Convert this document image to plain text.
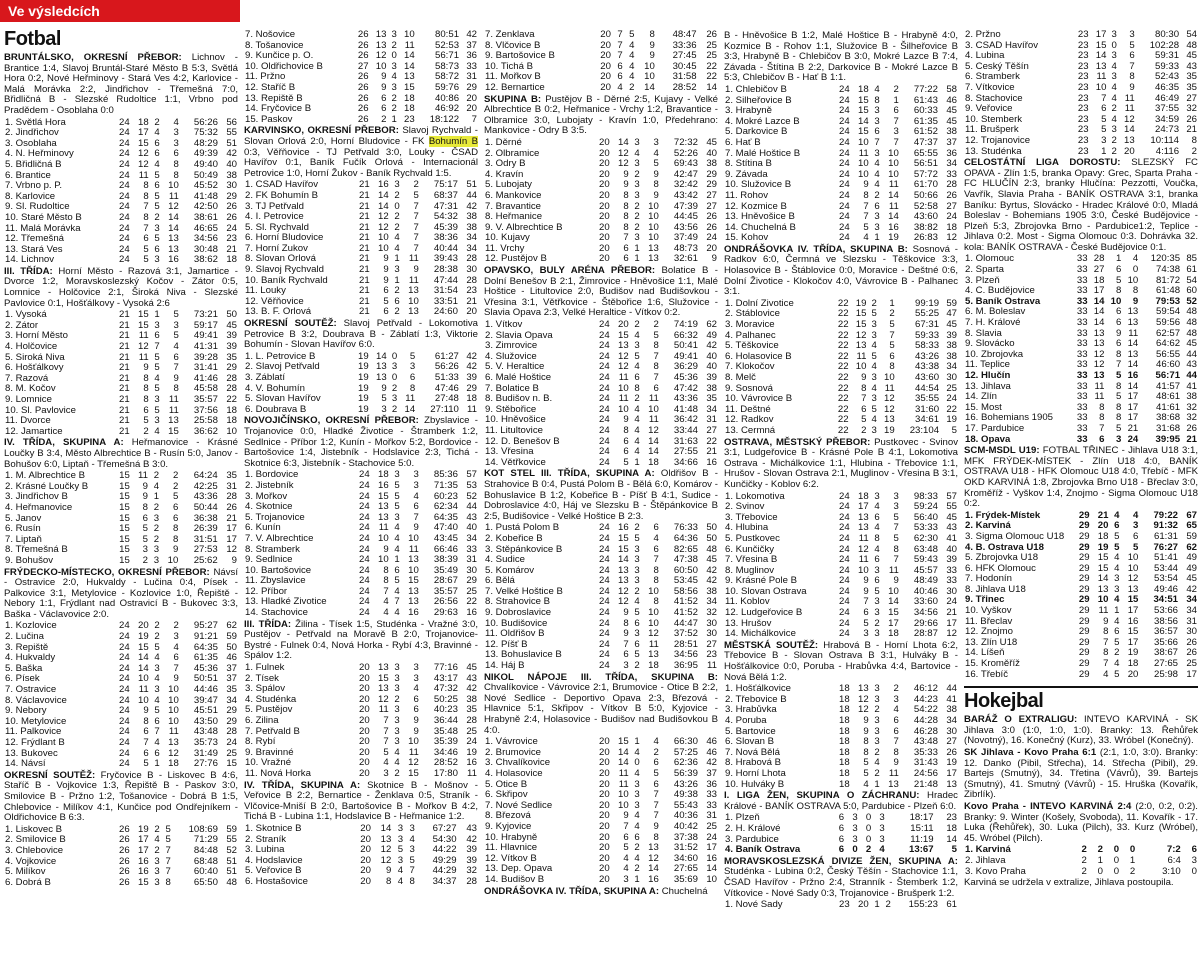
Ve výsledcích
Fotbal
BRUNTÁLSKO, OKRESNÍ PŘEBOR: Lichnov - Brantice 1:4, Slavoj Bruntál-Staré Město B 5:3, Světlá Hora 0:2, Nové Heřminovy - Stará Ves 4:2, Karlovice - Malá Morávka 2:2, Jindřichov - Třemešná 7:0, Břidličná B - Slezské Rudoltice 1:1, Vrbno pod Pradědem - Osoblaha 0:0
1. Světlá Hora	24	18	2	4	56:26	56
2. Jindřichov	24	17	4	3	75:32	55
3. Osoblaha	24	15	6	3	48:29	51
4. N. Heřminovy	24	12	6	6	49:39	42
5. Břidličná B	24	12	4	8	49:40	40
6. Brantice	24	11	5	8	50:49	38
7. Vrbno p. P.	24	8	6	10	45:52	30
8. Karlovice	24	8	5	11	41:48	29
9. Sl. Rudoltice	24	7	5	12	42:50	26
10. Staré Město B	24	8	2	14	38:61	26
11. Malá Morávka	24	7	3	14	46:65	24
12. Třemešná	24	6	5	13	34:56	23
13. Stará Ves	24	5	6	13	30:48	21
14. Lichnov	24	5	3	16	38:62	18
III. TŘÍDA: Horní Město - Razová 3:1, Jamartice - Dvorce 1:2, Moravskoslezský Kočov - Zátor 0:5, Lomnice - Holčovice 2:1, Široká Niva - Slezské Pavlovice 0:1, Hošťálkovy - Vysoká 2:6
1. Vysoká	21	15	1	5	73:21	50
2. Zátor	21	15	3	3	59:17	45
3. Horní Město	21	11	6	5	49:41	39
4. Holčovice	21	12	7	4	41:31	39
5. Široká Niva	21	11	5	6	39:28	35
6. Hošťálkovy	21	9	5	7	31:41	29
7. Razová	21	8	4	9	41:46	28
8. M. Kočov	21	8	5	8	45:58	28
9. Lomnice	21	8	3	11	35:57	22
10. Sl. Pavlovice	21	6	5	11	37:56	18
11. Dvorce	21	5	3	13	25:58	18
12. Jamartice	21	2	4	15	36:62	10
IV. TŘÍDA, SKUPINA A: Heřmanovice - Krásné Loučky B 3:4, Město Albrechtice B - Rusín 5:0, Janov - Bohušov 6:0, Liptaň - Třemešná B 3:0.
1. M. Albrechtice B	15	11	2	2	64:24	35
2. Krásné Loučky B	15	9	4	2	42:25	31
3. Jindřichov B	15	9	1	5	43:36	28
4. Heřmanovice	15	8	2	6	50:44	26
5. Janov	15	6	3	6	36:38	21
6. Rusín	15	5	2	8	26:39	17
7. Liptaň	15	5	2	8	31:51	17
8. Třemešná B	15	3	3	9	27:53	12
9. Bohušov	15	2	3	10	25:62	9
FRÝDECKO-MÍSTECKO, OKRESNÍ PŘEBOR: Návsí - Ostravice 2:0, Hukvaldy - Lučina 0:4, Písek - Palkovice 3:1, Metylovice - Kozlovice 1:0, Řepiště - Nebory 1:1, Frýdlant nad Ostravicí B - Bukovec 3:3, Baška - Václavovice 2:0.
1. Kozlovice	24	20	2	2	95:27	62
2. Lučina	24	19	2	3	91:21	59
3. Řepiště	24	15	5	4	64:35	50
4. Hukvaldy	24	14	4	6	61:35	46
5. Baška	24	14	3	7	45:36	37
6. Písek	24	10	4	9	50:51	37
7. Ostravice	24	11	3	10	44:46	35
8. Václavovice	24	10	4	10	39:47	34
9. Nebory	24	9	5	10	45:51	29
10. Metylovice	24	8	6	10	43:50	29
11. Palkovice	24	6	7	11	43:48	28
12. Frýdlant B	24	7	4	13	35:73	24
13. Bukovec	24	6	6	12	31:49	25
14. Návsí	24	5	1	18	27:76	15
OKRESNÍ SOUTĚŽ: Fryčovice B - Liskovec B 4:6, Staříč B - Vojkovice 1:3, Řepiště B - Paskov 3:0, Smilovice B - Pržno 1:2, Tošanovice - Dobrá B 1:5, Chlebovice - Milíkov 4:1, Kunčice pod Ondřejníkem - Oldřichovice B 6:3.
1. Liskovec B	26	19	2	5	108:69	59
2. Smilovice B	26	17	4	5	71:29	55
3. Chlebovice	26	17	2	7	84:48	52
4. Vojkovice	26	16	3	7	68:48	51
5. Milíkov	26	16	3	7	60:40	51
6. Dobrá B	26	15	3	8	65:50	48
7. Nošovice	26	13	3	10	80:51	42
8. Tošanovice	26	13	2	11	52:53	37
9. Kunčice p. O.	26	12	0	14	56:71	36
10. Oldřichovice B	27	10	3	14	58:73	33
11. Pržno	26	9	4	13	58:72	31
12. Staříč B	26	9	3	15	59:76	29
13. Řepiště B	26	6	2	18	40:86	20
14. Fryčovice B	26	6	2	18	46:92	20
15. Paskov	26	2	1	23	18:122	7
KARVINSKO, OKRESNÍ PŘEBOR: Slavoj Rychvald - Slovan Orlová 2:0, Horní Bludovice - FK Bohumín B 0:3, Věřňovice - TJ Petřvald 3:0, Louky - ČSAD Havířov 0:1, Baník Fučík Orlová - Internacionál Petrovice 1:0, Horní Žukov - Baník Rychvald 1:5.
1. ČSAD Havířov	21	16	3	2	75:17	51
2. FK Bohumín B	21	14	2	5	68:37	44
3. TJ Petřvald	21	14	0	7	47:31	42
4. I. Petrovice	21	12	2	7	54:32	38
5. Sl. Rychvald	21	12	2	7	45:39	38
6. Horní Bludovice	21	10	4	7	38:36	34
7. Horní Žukov	21	10	4	7	40:44	34
8. Slovan Orlová	21	9	1	11	39:43	28
9. Slavoj Rychvald	21	9	3	9	28:38	30
10. Baník Rychvald	21	9	1	11	47:44	28
11. Louky	21	6	2	13	31:54	23
12. Věřňovice	21	5	6	10	33:51	21
13. B. F. Orlová	21	6	2	13	24:60	20
OKRESNÍ SOUTĚŽ: Slavoj Petřvald - Lokomotiva Petrovice B 3:2, Doubrava B - Záblatí 1:3, Viktorie Bohumín - Slovan Havířov 6:0.
1. L. Petrovice B	19	14	0	5	61:27	42
2. Slavoj Petřvald	19	13	3	3	56:26	42
3. Záblatí	19	13	0	6	51:33	39
4. V. Bohumín	19	9	2	8	47:46	29
5. Slovan Havířov	19	5	3	11	27:48	18
6. Doubrava B	19	3	2	14	27:110	11
NOVOJIČÍNSKO, OKRESNÍ PŘEBOR: Zbyslavice - Trojanovice 0:0, Hladké Životice - Štramberk 1:2, Sedlnice - Příbor 1:2, Kunín - Mořkov 5:2, Bordovice - Bartošovice 1:4, Jistebník - Hodslavice 2:3, Tichá - Skotnice 6:3, Jistebník - Stachovice 5:0.
1. Bordovice	24	18	3	3	85:36	57
2. Jistebník	24	16	5	3	71:35	53
3. Mořkov	24	15	5	4	60:23	52
4. Skotnice	24	13	5	6	62:34	44
5. Trojanovice	24	13	3	7	64:35	43
6. Kunín	24	11	4	9	47:40	40
7. V. Albrechtice	24	10	4	10	43:45	34
8. Štramberk	24	9	4	11	66:46	33
9. Sedlnice	24	10	1	13	38:39	31
10. Bartošovice	24	8	6	10	35:49	30
11. Zbyslavice	24	8	5	15	28:67	29
12. Příbor	24	7	4	13	35:57	25
13. Hladké Životice	24	4	7	13	26:56	22
14. Stachovice	24	4	4	16	29:63	16
III. TŘÍDA: Žilina - Tísek 1:5, Studénka - Vražné 3:0, Pustějov - Petřvald na Moravě B 2:0, Trojanovice-Bystré - Fulnek 0:4, Nová Horka - Rybí 4:3, Bravinné - Spálov 1:2.
1. Fulnek	20	13	3	3	77:16	45
2. Tísek	20	15	3	3	43:17	43
3. Spálov	20	13	3	4	47:32	42
4. Studénka	20	12	2	6	50:25	38
5. Pustějov	20	11	3	6	40:23	35
6. Žilina	20	7	3	9	36:44	28
7. Petřvald B	20	7	3	9	35:48	25
8. Rybí	20	7	3	10	35:39	24
9. Bravinné	20	5	4	11	34:46	19
10. Vražné	20	4	4	12	28:52	16
11. Nová Horka	20	3	2	15	17:80	11
IV. TŘÍDA, SKUPINA A: Skotnice B - Mošnov - Veřovice B 2:2, Bernartice - Ženklava 0:5, Straník - Vlčovice-Mniší B 2:0, Bartošovice B - Mořkov B 4:2, Tichá B - Lubina 1:1, Hodslavice B - Heřmanice 1:2.
1. Skotnice B	20	14	3	3	67:27	43
2. Straník	20	13	3	4	54:30	42
3. Lubina	20	12	5	3	44:22	39
4. Hodslavice	20	12	3	5	49:29	39
5. Veřovice B	20	9	4	7	44:29	32
6. Hostašovice	20	8	4	8	34:37	28
7. Ženklava	20	7	5	8	48:47	26
8. Vlčovice B	20	7	4	9	33:36	25
9. Bartošovice B	20	7	4	9	27:45	25
10. Tichá B	20	6	4	10	30:45	22
11. Mořkov B	20	6	4	10	31:58	22
12. Bernartice	20	4	2	14	28:52	14
SKUPINA B: Pustějov B - Děrné 2:5, Kujavy - Velké Albrechtice B 0:2, Heřmanice - Vrchy 1:2, Bravantice - Olbramice 3:0, Lubojaty - Kravín 1:0, Předehrano: Mankovice - Odry B 3:5.
1. Děrné	20	14	3	3	72:32	45
2. Olbramice	20	12	4	4	52:26	40
3. Odry B	20	12	3	5	69:43	38
4. Kravín	20	9	2	9	42:47	29
5. Lubojaty	20	9	3	8	32:42	29
6. Mankovice	20	8	3	9	43:42	27
7. Bravantice	20	8	2	10	47:39	27
8. Heřmanice	20	8	2	10	44:45	26
9. V. Albrechtice B	20	8	2	10	43:56	26
10. Kujavy	20	7	3	10	37:49	24
11. Vrchy	20	6	1	13	48:73	20
12. Pustějov B	20	6	1	13	32:61	9
OPAVSKO, BULY ARÉNA PŘEBOR: Bolatice B - Dolní Benešov B 2:1, Žimrovice - Hněvošice 1:1, Malé Hoštice - Litultovice 2:0, Budišov nad Budišovkou - Vřesina 3:1, Větřkovice - Štěbořice 1:6, Služovice - Slavia Opava 2:3, Velké Heraltice - Vítkov 0:2.
1. Vítkov	24	20	2	2	74:19	62
2. Slavia Opava	24	15	4	5	66:32	49
3. Žimrovice	24	13	3	8	50:41	42
4. Služovice	24	12	5	7	49:41	40
5. V. Heraltice	24	12	4	8	36:29	40
6. Malé Hoštice	24	11	6	7	45:36	39
7. Bolatice B	24	10	8	6	47:42	38
8. Budišov n. B.	24	11	2	11	43:36	35
9. Štěbořice	24	10	4	10	41:48	34
10. Hněvošice	24	9	4	11	36:42	31
11. Litultovice	24	8	4	12	33:44	27
12. D. Benešov B	24	6	4	14	31:63	22
13. Vřesina	24	6	4	14	27:55	21
14. Větřkovice	24	5	1	18	34:66	16
KOT STEL III. TŘÍDA, SKUPINA A: Oldřišov B - Strahovice B 0:4, Pustá Polom B - Bělá 6:0, Komárov - Bohuslavice B 1:2, Kobeřice B - Píšť B 4:1, Sudice - Dobroslavice 4:0, Háj ve Slezsku B - Štěpánkovice B 2:5, Budišovice - Velké Hoštice B 2:3.
1. Pustá Polom B	24	16	2	6	76:33	50
2. Kobeřice B	24	15	5	4	64:36	50
3. Štěpánkovice B	24	15	3	6	82:65	48
4. Sudice	24	14	3	7	47:38	45
5. Komárov	24	13	3	8	60:50	42
6. Bělá	24	13	3	8	53:45	42
7. Velké Hoštice B	24	12	2	10	58:56	38
8. Strahovice B	24	12	4	8	41:52	34
9. Dobroslavice	24	9	5	10	41:52	32
10. Budišovice	24	8	6	10	44:47	30
11. Oldřišov B	24	9	3	12	37:52	30
12. Píšť B	24	7	6	11	28:51	27
13. Bohuslavice B	24	6	5	13	34:56	23
14. Háj B	24	3	2	18	36:95	11
NIKOL NÁPOJE III. TŘÍDA, SKUPINA B: Chvalíkovice - Vávrovice 2:1, Brumovice - Otice B 2:2, Nové Sedlice - Deportivo Opava 2:3, Březová - Hlavnice 5:1, Skřipov - Vítkov B 5:0, Kyjovice - Hrabyně 2:4, Holasovice - Budišov nad Budišovkou B 4:0.
1. Vávrovice	20	15	1	4	66:30	46
2. Brumovice	20	14	4	2	57:25	46
3. Chvalíkovice	20	14	0	6	62:36	42
4. Holasovice	20	11	4	5	56:39	37
5. Otice B	20	11	3	6	43:26	36
6. Skřipov	20	10	3	7	49:38	33
7. Nové Sedlice	20	10	3	7	55:43	33
8. Březová	20	9	4	7	40:36	31
9. Kyjovice	20	7	4	9	40:42	25
10. Hrabyně	20	6	6	8	37:38	24
11. Hlavnice	20	5	2	13	31:52	17
12. Vítkov B	20	4	4	12	34:60	16
13. Dep. Opava	20	4	2	14	27:65	14
14. Budišov B	20	3	1	16	35:69	10
ONDRÁŠOVKA IV. TŘÍDA, SKUPINA A: Chuchelná
B - Hněvošice B 1:2, Malé Hoštice B - Hrabyně 4:0, Kozmice B - Rohov 1:1, Služovice B - Šilheřovice B 3:3, Hrabyně B - Chlebičov B 3:0, Mokré Lazce B 7:4, Závada - Štítina B 2:2, Darkovice B - Mokré Lazce B 5:3, Chlebičov B - Hať B 1:1.
1. Chlebičov B	24	18	4	2	77:22	58
2. Šilheřovice B	24	15	8	1	61:43	46
3. Hrabyně	24	15	3	6	60:33	45
4. Mokré Lazce B	24	14	3	7	61:35	45
5. Darkovice B	24	15	6	3	61:52	38
6. Hať B	24	10	7	7	47:37	37
7. Malé Hoštice B	24	11	3	10	65:55	36
8. Štítina B	24	10	4	10	56:51	34
9. Závada	24	10	4	10	57:72	33
10. Služovice B	24	9	4	11	61:70	28
11. Rohov	24	8	2	14	50:66	26
12. Kozmice B	24	7	6	11	52:58	27
13. Hněvošice B	24	7	3	14	43:60	24
14. Chuchelná B	24	5	3	16	38:82	18
15. Kohov	24	4	1	19	26:83	12
ONDRÁŠOVKA IV. TŘÍDA, SKUPINA B: Sosnová - Radkov 6:0, Čermná ve Slezsku - Těškovice 3:3, Holasovice B - Štáblovice 0:0, Moravice - Deštné 0:6, Dolní Životice - Klokočov 4:0, Vávrovice B - Palhanec 3:1.
1. Dolní Životice	22	19	2	1	99:19	59
2. Štáblovice	22	15	5	2	55:25	47
3. Moravice	22	15	3	5	67:31	45
4. Palhanec	22	12	3	7	59:33	39
5. Těškovice	22	13	4	5	58:33	38
6. Holasovice B	22	11	5	6	43:26	38
7. Klokočov	22	10	4	8	43:38	34
8. Melč	22	9	3	10	43:60	30
9. Sosnová	22	8	4	11	44:54	25
10. Vávrovice B	22	7	3	12	35:55	24
11. Deštné	22	6	5	12	31:60	22
12. Radkov	22	5	4	13	34:61	19
13. Čermná	22	2	3	19	23:104	5
OSTRAVA, MĚSTSKÝ PŘEBOR: Pustkovec - Svinov 3:1, Ludgeřovice B - Krásné Pole B 4:1, Lokomotiva Ostrava - Michálkovice 1:1, Hlubina - Třebovice 1:1, Hrušov - Slovan Ostrava 2:1, Muglinov - Vřesina B 3:1, Kunčičky - Koblov 6:2.
1. Lokomotiva	24	18	3	3	98:33	57
2. Svinov	24	17	4	3	59:24	55
3. Třebovice	24	13	6	5	56:40	45
4. Hlubina	24	13	4	7	53:33	43
5. Pustkovec	24	11	8	5	62:30	41
6. Kunčičky	24	12	4	8	63:48	40
7. Vřesina B	24	11	6	7	59:43	39
8. Muglinov	24	10	3	11	45:57	33
9. Krásné Pole B	24	9	6	9	48:49	33
10. Slovan Ostrava	24	9	5	10	40:46	30
11. Koblov	24	7	3	14	33:60	24
12. Ludgeřovice B	24	6	3	15	34:56	21
13. Hrušov	24	5	2	17	29:66	17
14. Michálkovice	24	3	3	18	28:87	12
MĚSTSKÁ SOUTĚŽ: Hrabová B - Horní Lhota 6:2, Třebovice B - Slovan Ostrava B 3:1, Hulváky B - Hošťálkovice 0:0, Poruba - Hrabůvka 4:4, Bartovice - Nová Bělá 1:2.
1. Hošťálkovice	18	13	3	2	46:12	44
2. Třebovice B	18	12	3	3	44:23	41
3. Hrabůvka	18	12	2	4	54:22	38
4. Poruba	18	9	3	6	44:28	34
5. Bartovice	18	9	3	6	46:28	30
6. Slovan B	18	8	3	7	43:48	27
7. Nová Bělá	18	8	2	8	35:33	26
8. Hrabová B	18	5	4	9	31:43	19
9. Horní Lhota	18	5	2	11	24:56	17
10. Hulváky B	18	4	1	13	21:48	13
I. LIGA ŽEN, SKUPINA O ZÁCHRANU: Hradec Králové - BANÍK OSTRAVA 5:0, Pardubice - Plzeň 6:0.
1. Plzeň	6	3	0	3	18:17	23
2. H. Králové	6	3	0	3	15:11	18
3. Pardubice	6	3	0	3	11:19	14
4. Baník Ostrava	6	0	2	4	13:67	5
MORAVSKOSLEZSKÁ DIVIZE ŽEN, SKUPINA A: Studénka - Lubina 0:2, Český Těšín - Stachovice 1:1, ČSAD Havířov - Pržno 2:4, Stranník - Štemberk 1:2, Vítkovice - Nové Sady 0:3, Trojanovice - Brušperk 1:2.
1. Nové Sady	23	20	1	2	155:23	61
2. Pržno	23	17	3	3	80:30	54
3. ČSAD Havířov	23	15	0	5	102:28	48
4. Lubina	23	14	3	6	59:31	45
5. Český Těšín	23	13	4	7	59:33	43
6. Štramberk	23	11	3	8	52:43	35
7. Vítkovice	23	10	4	9	46:35	35
8. Stachovice	23	7	4	11	46:49	27
9. Veřovice	23	6	2	11	37:55	32
10. Stemberk	23	5	4	12	34:59	26
11. Brušperk	23	5	3	14	24:73	21
12. Trojanovice	23	3	2	13	10:114	8
13. Studénka	23	1	2	20	4:116	2
CELOSTÁTNÍ LIGA DOROSTU: SLEZSKÝ FC OPAVA - Zlín 1:5, branka Opavy: Grec, Sparta Praha - FC HLUČÍN 2:3, branky Hlučína: Pezzotti, Voučka, Vavřík, Slavia Praha - BANÍK OSTRAVA 3:1, branka Baníku: Byrtus, Slovácko - Hradec Králové 0:0, Mladá Boleslav - Bohemians 1905 3:0, České Budějovice - Plzeň 5:3, Zbrojovka Brno - Pardubice1:2, Teplice - Jihlava 0:2. Most - Sigma Olomouc 0:3. Dohrávka 32. kola: BANÍK OSTRAVA - České Budějovice 0:1.
1. Olomouc	33	28	1	4	120:35	85
2. Sparta	33	27	6	0	74:38	61
3. Plzeň	33	18	5	10	81:72	54
4. Č. Budějovice	33	17	8	8	61:48	60
5. Baník Ostrava	33	14	10	9	79:53	52
6. M. Boleslav	33	14	6	13	59:54	48
7. H. Králové	33	14	6	13	59:56	48
8. Slavia	33	13	9	11	62:57	48
9. Slovácko	33	13	6	14	64:62	45
10. Zbrojovka	33	12	8	13	56:55	44
11. Teplice	33	12	7	14	46:60	43
12. Hlučín	33	13	5	16	56:71	44
13. Jihlava	33	11	8	14	41:57	41
14. Zlín	33	11	5	17	48:61	38
15. Most	33	8	8	17	41:61	32
16. Bohemians 1905	33	8	8	17	38:68	32
17. Pardubice	33	7	5	21	31:68	26
18. Opava	33	6	3	24	39:95	21
SCM-MSDL U19: FOTBAL TŘINEC - Jihlava U18 3:1, MFK FRÝDEK-MÍSTEK - Zlín U18 4:0, BANÍK OSTRAVA U18 - HFK Olomouc U18 4:0, Třebíč - MFK OKD KARVINÁ 1:8, Zbrojovka Brno U18 - Břeclav 3:0, Kroměříž - Vyškov 1:4, Znojmo - Sigma Olomouc U18 0:2.
1. Frýdek-Místek	29	21	4	4	79:22	67
2. Karviná	29	20	6	3	91:32	65
3. Sigma Olomouc U18	29	18	5	6	61:31	59
4. B. Ostrava U18	29	19	5	5	76:27	62
5. Zbrojovka U18	29	15	4	10	51:41	49
6. HFK Olomouc	29	15	4	10	53:44	49
7. Hodonín	29	14	3	12	53:54	45
8. Jihlava U18	29	13	3	13	49:46	42
9. Třinec	29	10	4	15	34:51	34
10. Vyškov	29	11	1	17	53:66	34
11. Břeclav	29	9	4	16	38:56	31
12. Znojmo	29	8	6	15	36:57	30
13. Zlín U18	29	7	5	17	35:66	26
14. Líšeň	29	8	2	19	38:67	26
15. Kroměříž	29	7	4	18	27:65	25
16. Třebíč	29	4	5	20	25:98	17
Hokejbal
BARÁŽ O EXTRALIGU: INTEVO KARVINÁ - SK Jihlava 3:0 (1:0, 1:0, 1:0). Branky: 13. Řehůřek (Novotný), 16. Konečný (Kurz), 33. Wróbel (Konečný).
SK Jihlava - Kovo Praha 6:1 (2:1, 1:0, 3:0). Branky: 12. Danko (Pibil, Střecha), 14. Střecha (Pibil), 29. Bartejs (Smutný), 34. Třetina (Vávrů), 39. Bartejs (Smutný), 41. Smutný (Vávrů) - 15. Hruška (Kovařík, Zibrlík).
Kovo Praha - INTEVO KARVINÁ 2:4 (2:0, 0:2, 0:2). Branky: 9. Winter (Košely, Svoboda), 11. Kovařík - 17. Luka (Řehůřek), 30. Luka (Pilch), 33. Kurz (Wróbel), 45. Wróbel (Pilch).
1. Karviná	2	2	0	0	7:2	6
2. Jihlava	2	1	0	1	6:4	3
3. Kovo Praha	2	0	0	2	3:10	0
Karviná se udržela v extralize, Jihlava postoupila.
